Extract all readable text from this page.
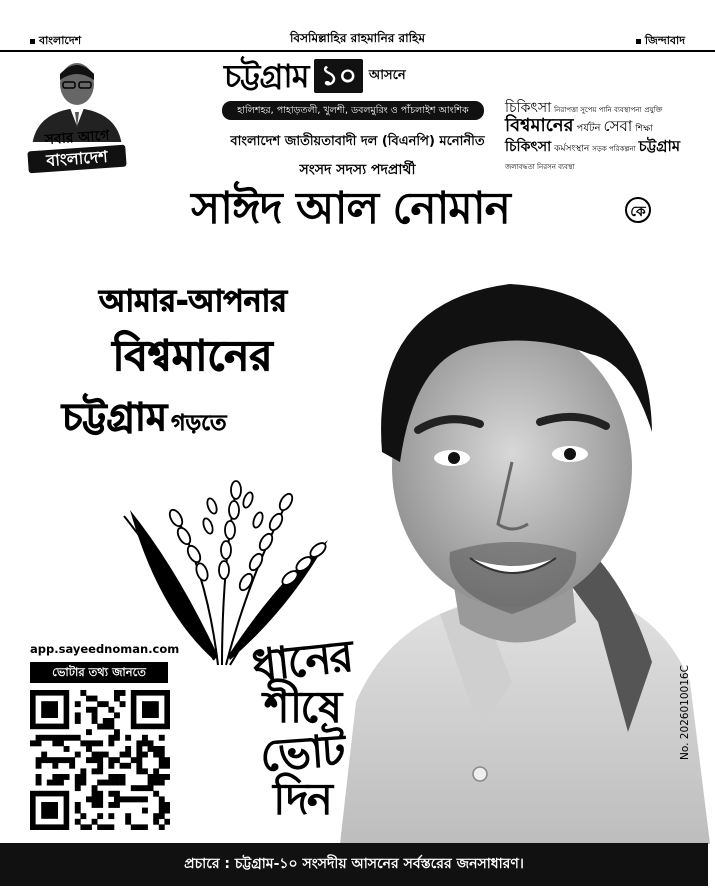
বাংলাদেশ	জিন্দাবাদ
বিসমিল্লাহির রাহমানির রাহিম
সবার আগে
বাংলাদেশ
চট্টগ্রাম ১০ আসনে
হালিশহর, পাহাড়তলী, খুলশী, ডবলমুরিং ও পাঁচলাইশ আংশিক
বাংলাদেশ জাতীয়তাবাদী দল (বিএনপি) মনোনীত
সংসদ সদস্য পদপ্রার্থী
সাঈদ আল নোমান	কে
চিকিৎসা নিরাপত্তা সুপেয় পানি ব্যবস্থাপনা প্রযুক্তিবিশ্বমানের পর্যটন সেবা শিক্ষাচিকিৎসা কর্মসংস্থান সড়ক পরিকল্পনা চট্টগ্রামজলাবদ্ধতা নিরসন ব্যবস্থা
আমার-আপনার
বিশ্বমানের
চট্টগ্রাম গড়তে
ধানের
শীষে
ভোট
দিন
app.sayeednoman.com
ভোটার তথ্য জানতে
প্রচারে : চট্টগ্রাম-১০ সংসদীয় আসনের সর্বস্তরের জনসাধারণ।
No. 2026010016C
